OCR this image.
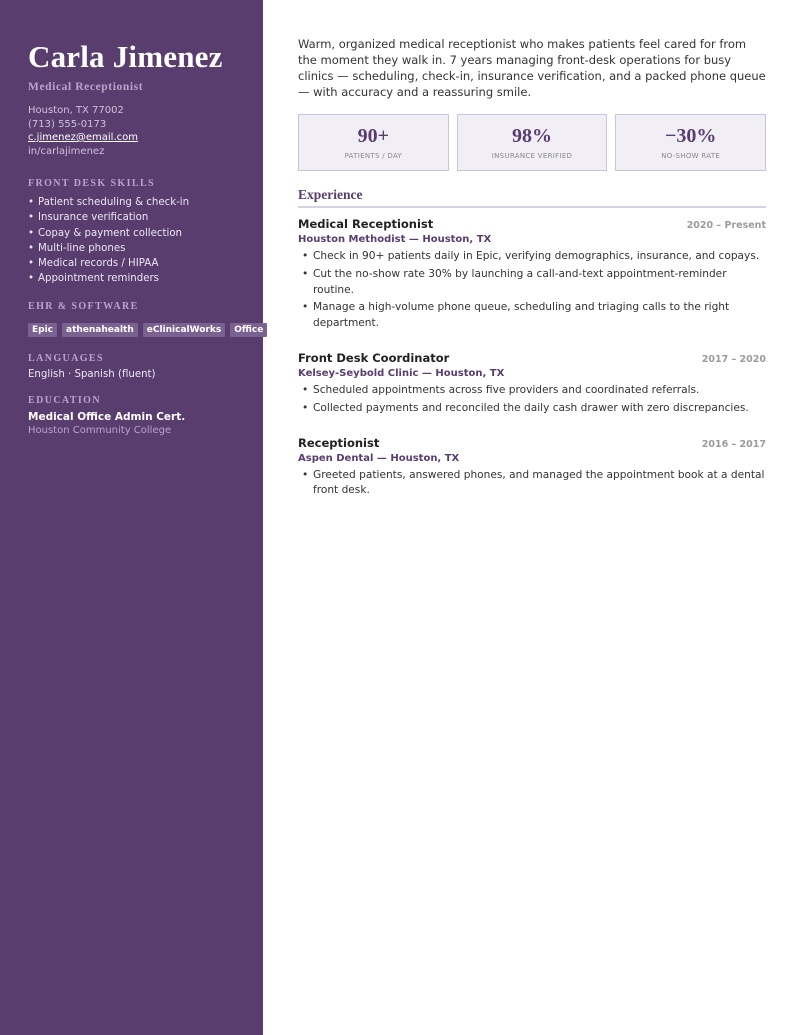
Carla Jimenez
Medical Receptionist
Houston, TX 77002
(713) 555-0173
c.jimenez@email.com
in/carlajimenez
FRONT DESK SKILLS
• Patient scheduling & check-in
• Insurance verification
• Copay & payment collection
• Multi-line phones
• Medical records / HIPAA
• Appointment reminders
EHR & SOFTWARE
Epic	athenahealth	eClinicalWorks	Office
LANGUAGES
English · Spanish (fluent)
EDUCATION
Medical Office Admin Cert.
Houston Community College

Warm, organized medical receptionist who makes patients feel cared for from the moment they walk in. 7 years managing front-desk operations for busy clinics — scheduling, check-in, insurance verification, and a packed phone queue — with accuracy and a reassuring smile.

90+
PATIENTS / DAY
98%
INSURANCE VERIFIED
−30%
NO-SHOW RATE
Experience
Medical Receptionist	2020 – Present
Houston Methodist — Houston, TX
• Check in 90+ patients daily in Epic, verifying demographics, insurance, and copays.
• Cut the no-show rate 30% by launching a call-and-text appointment-reminder routine.
• Manage a high-volume phone queue, scheduling and triaging calls to the right department.
Front Desk Coordinator	2017 – 2020
Kelsey-Seybold Clinic — Houston, TX
• Scheduled appointments across five providers and coordinated referrals.
• Collected payments and reconciled the daily cash drawer with zero discrepancies.
Receptionist	2016 – 2017
Aspen Dental — Houston, TX
• Greeted patients, answered phones, and managed the appointment book at a dental front desk.
